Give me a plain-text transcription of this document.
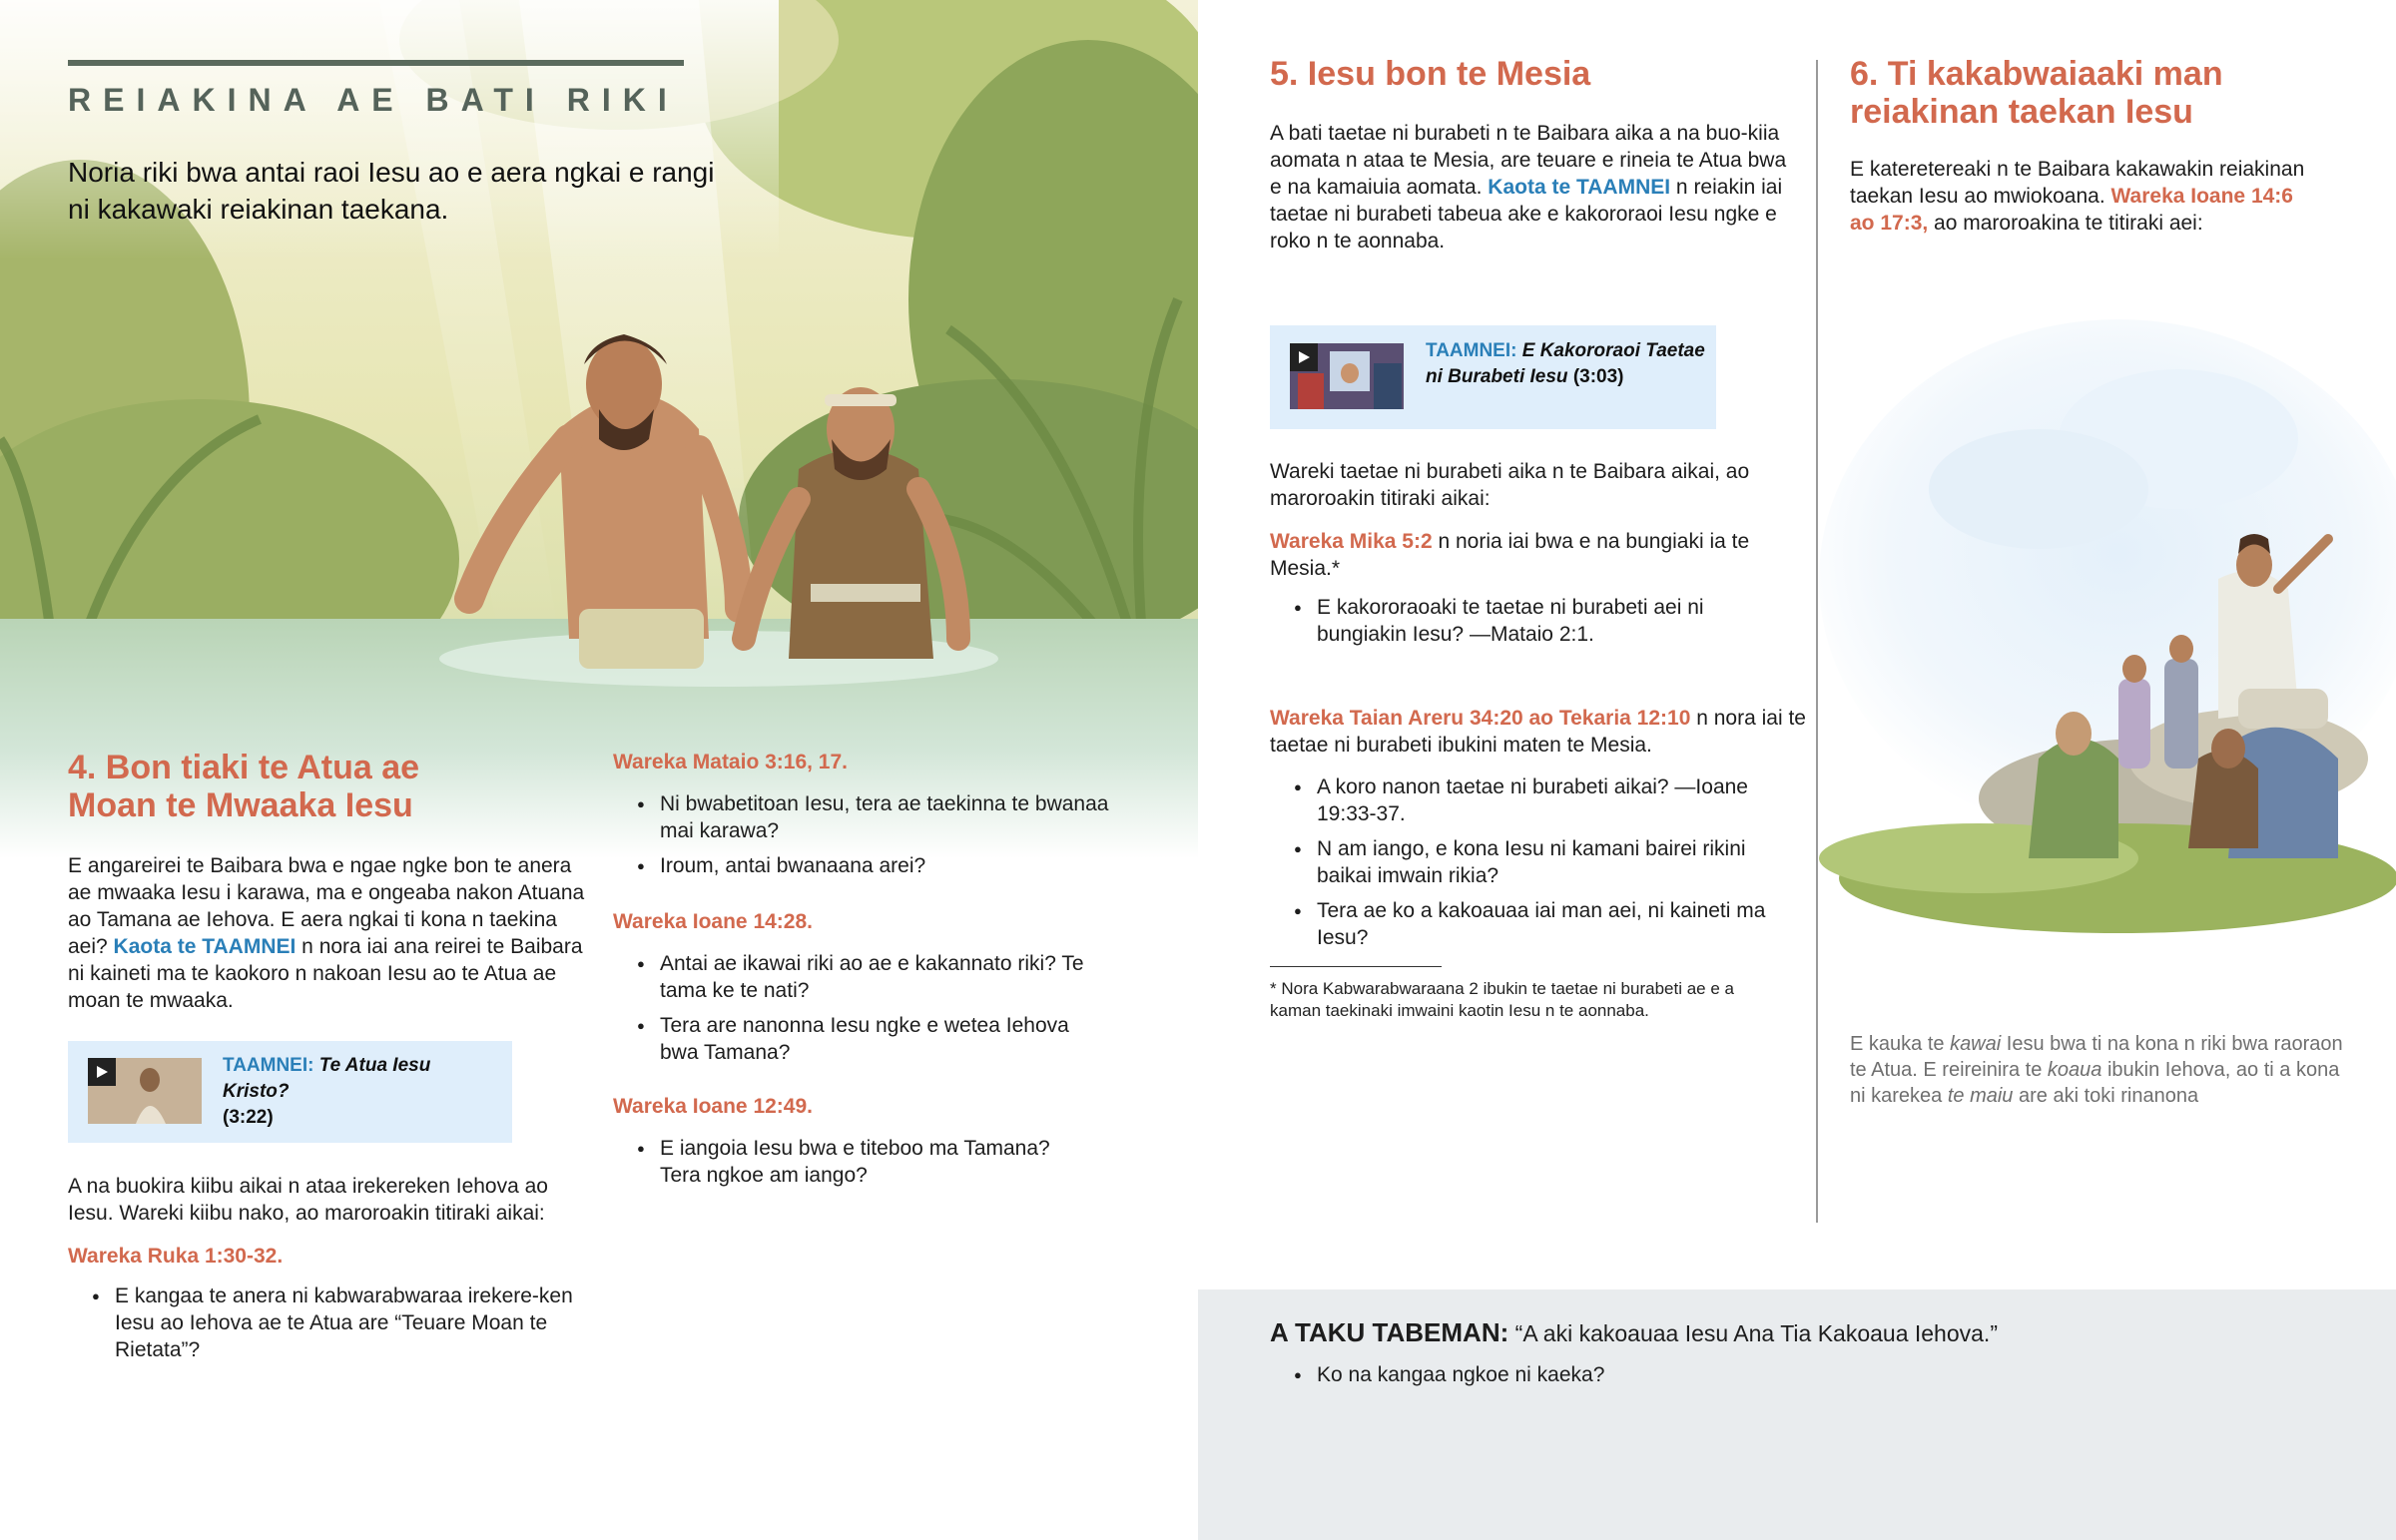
REIAKINA AE BATI RIKI
Noria riki bwa antai raoi Iesu ao e aera ngkai e rangi ni kakawaki reiakinan taekana.
4. Bon tiaki te Atua ae Moan te Mwaaka Iesu
E angareirei te Baibara bwa e ngae ngke bon te anera ae mwaaka Iesu i karawa, ma e ongeaba nakon Atuana ao Tamana ae Iehova. E aera ngkai ti kona n taekina aei? Kaota te TAAMNEI n nora iai ana reirei te Baibara ni kaineti ma te kaokoro n nakoan Iesu ao te Atua ae moan te mwaaka.
TAAMNEI: Te Atua Iesu Kristo?
(3:22)
A na buokira kiibu aikai n ataa irekereken Iehova ao Iesu. Wareki kiibu nako, ao maroroakin titiraki aikai:
Wareka Ruka 1:30-32.
● E kangaa te anera ni kabwarabwaraa irekere-ken Iesu ao Iehova ae te Atua are “Teuare Moan te Rietata”?
Wareka Mataio 3:16, 17.
● Ni bwabetitoan Iesu, tera ae taekinna te bwanaa mai karawa?
● Iroum, antai bwanaana arei?
Wareka Ioane 14:28.
● Antai ae ikawai riki ao ae e kakannato riki? Te tama ke te nati?
● Tera are nanonna Iesu ngke e wetea Iehova bwa Tamana?
Wareka Ioane 12:49.
● E iangoia Iesu bwa e titeboo ma Tamana? Tera ngkoe am iango?
5. Iesu bon te Mesia
A bati taetae ni burabeti n te Baibara aika a na buo-kiia aomata n ataa te Mesia, are teuare e rineia te Atua bwa e na kamaiuia aomata. Kaota te TAAMNEI n reiakin iai taetae ni burabeti tabeua ake e kakororaoi Iesu ngke e roko n te aonnaba.
TAAMNEI: E Kakororaoi Taetae
ni Burabeti Iesu (3:03)
Wareki taetae ni burabeti aika n te Baibara aikai, ao maroroakin titiraki aikai:
Wareka Mika 5:2 n noria iai bwa e na bungiaki ia te Mesia.*
● E kakororaoaki te taetae ni burabeti aei ni bungiakin Iesu? —Mataio 2:1.
Wareka Taian Areru 34:20 ao Tekaria 12:10 n nora iai te taetae ni burabeti ibukini maten te Mesia.
● A koro nanon taetae ni burabeti aikai? —Ioane 19:33-37.
● N am iango, e kona Iesu ni kamani bairei rikini baikai imwain rikia?
● Tera ae ko a kakoauaa iai man aei, ni kaineti ma Iesu?
* Nora Kabwarabwaraana 2 ibukin te taetae ni burabeti ae e a kaman taekinaki imwaini kaotin Iesu n te aonnaba.
6. Ti kakabwaiaaki man reiakinan taekan Iesu
E kateretereaki n te Baibara kakawakin reiakinan taekan Iesu ao mwiokoana. Wareka Ioane 14:6 ao 17:3, ao maroroakina te titiraki aei:
●
E kauka te kawai Iesu bwa ti na kona n riki bwa raoraon te Atua. E reireinira te koaua ibukin Iehova, ao ti a kona ni karekea te maiu are aki toki rinanona
A TAKU TABEMAN: “A aki kakoauaa Iesu Ana Tia Kakoaua Iehova.”
● Ko na kangaa ngkoe ni kaeka?
